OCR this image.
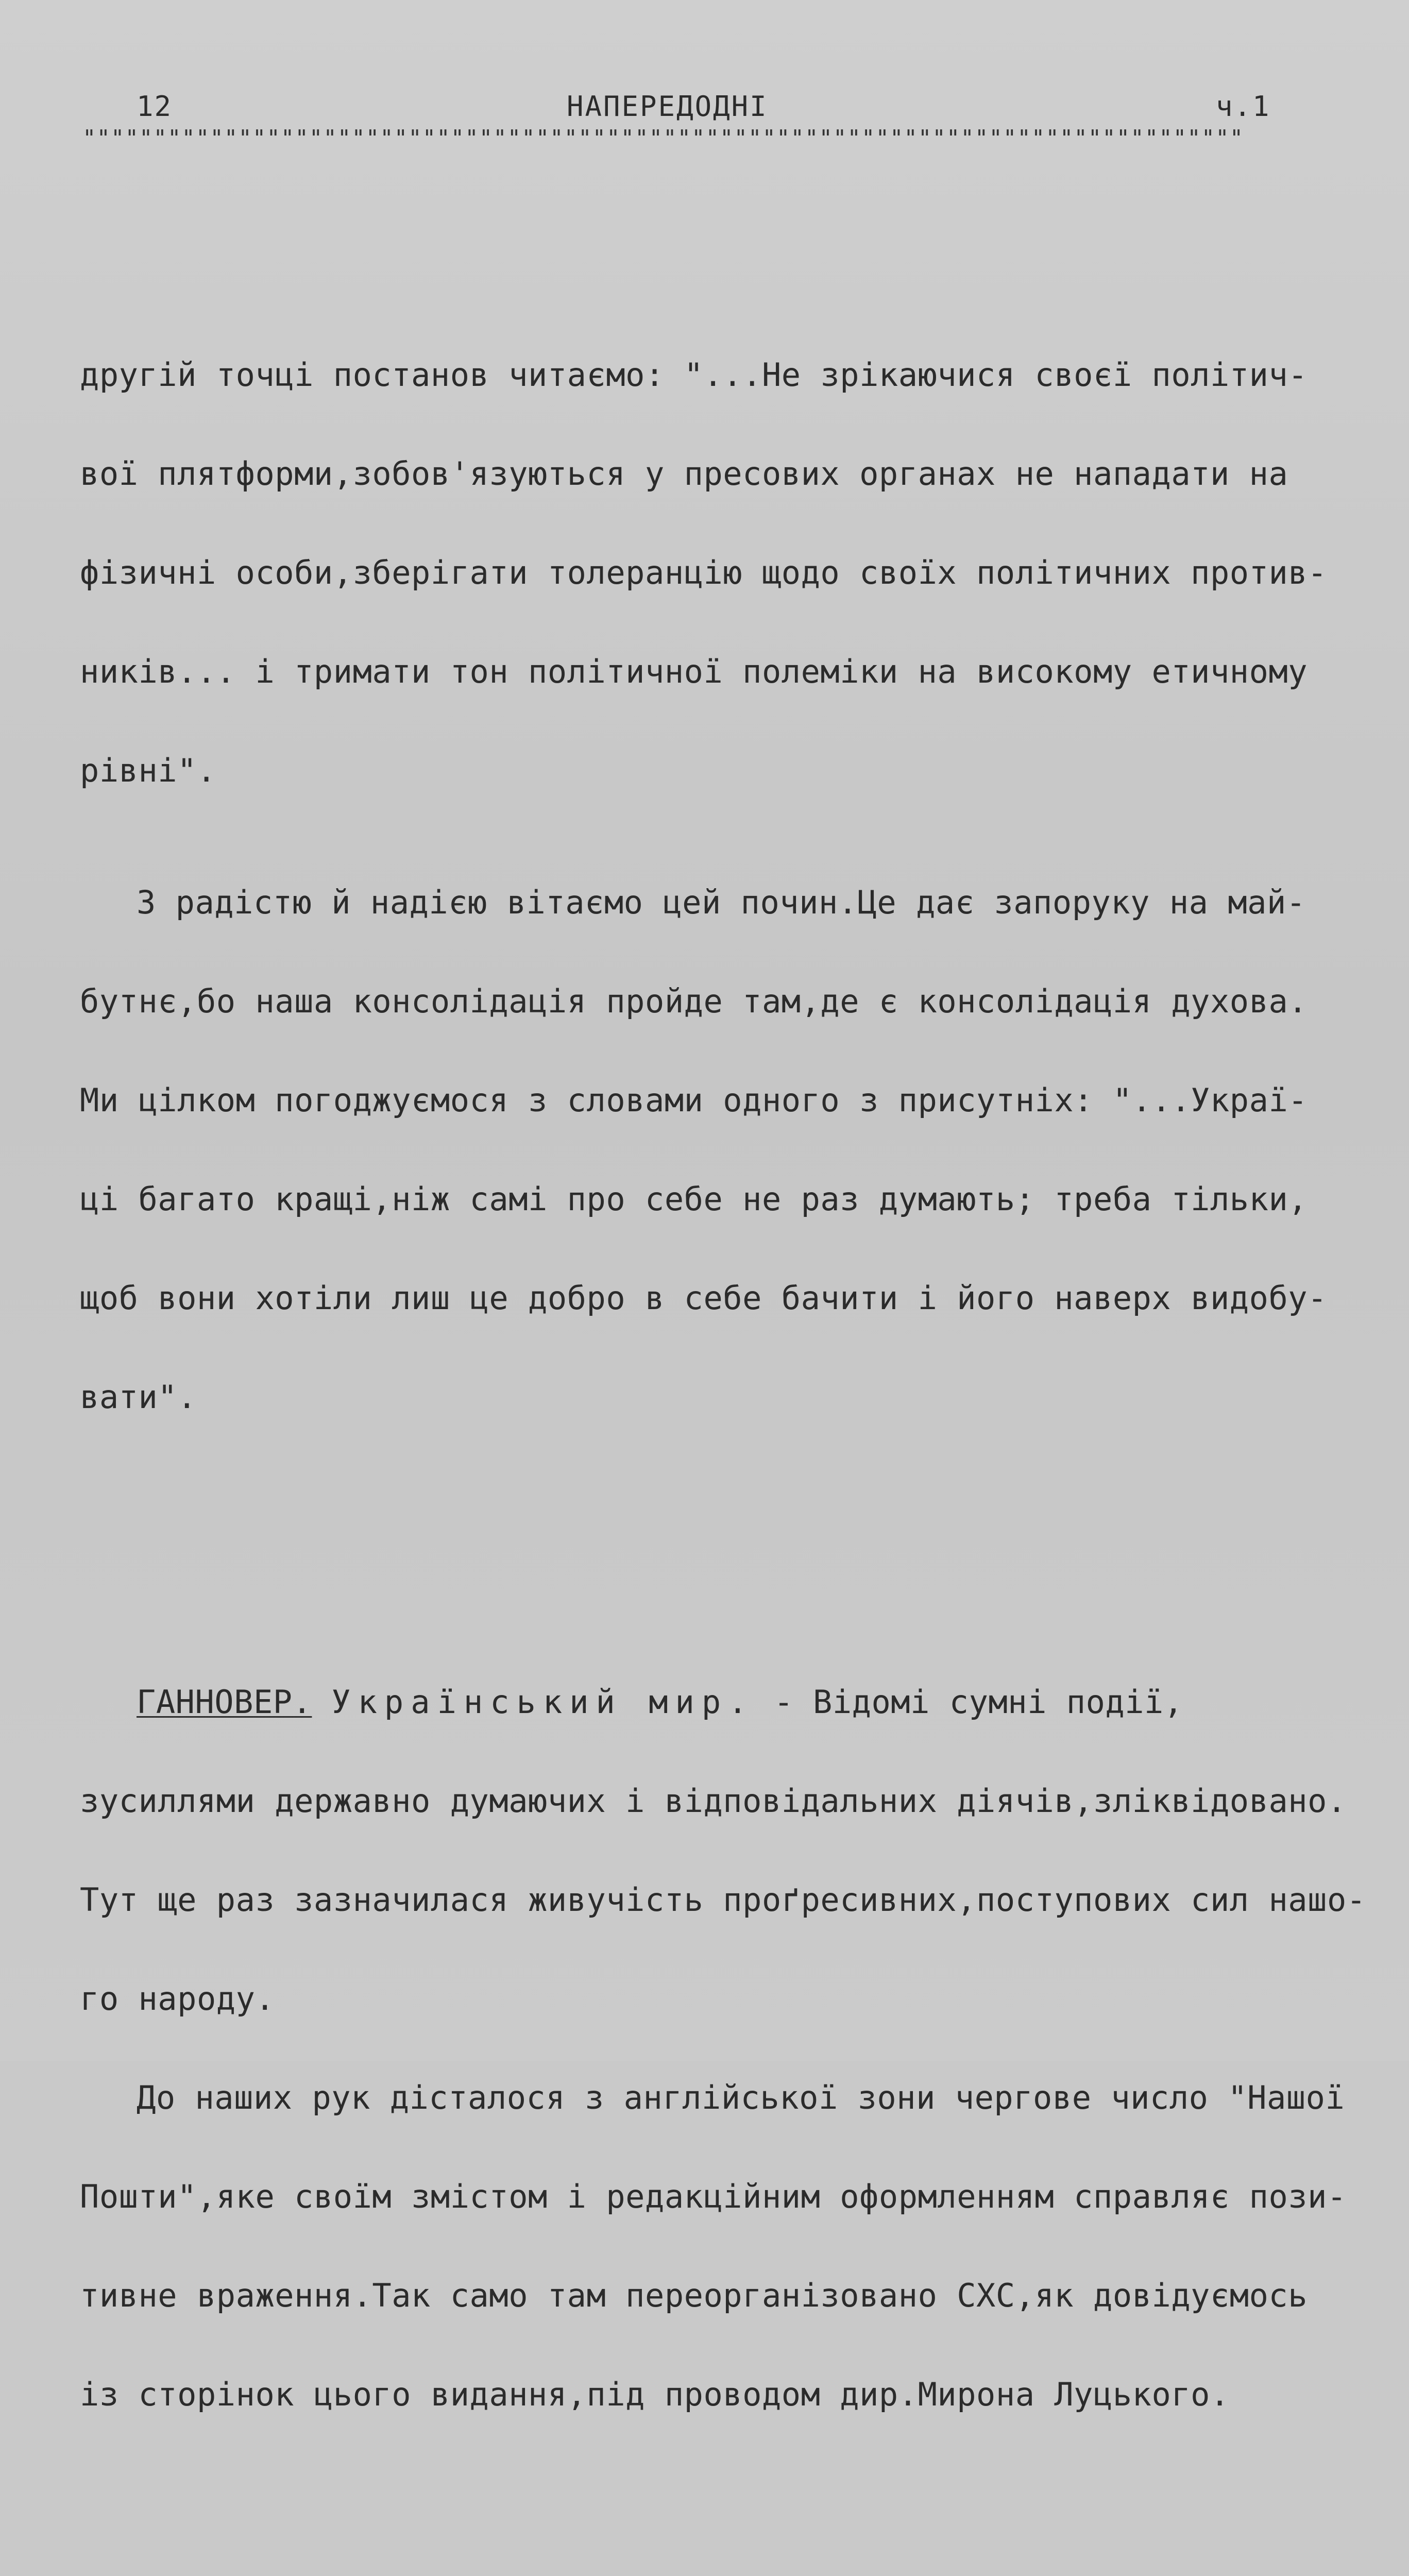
12	НАПЕРЕДОДНІ	ч.1
""""""""""""""""""""""""""""""""""""""""""""""""""""""""""""""""""""""""""""""""""

другій точці постанов читаємо: "...Не зрікаючися своєї політич-

вої плятформи,зобов'язуються у пресових органах не нападати на

фізичні особи,зберігати толеранцію щодо своїх політичних против-

ників... і тримати тон політичної полеміки на високому етичному

рівні".

З радістю й надією вітаємо цей почин.Це дає запоруку на май-

бутнє,бо наша консолідація пройде там,де є консолідація духова.

Ми цілком погоджуємося з словами одного з присутніх: "...Украї-

ці багато кращі,ніж самі про себе не раз думають; треба тільки,

щоб вони хотіли лиш це добро в себе бачити і його наверх видобу-

вати".

ГАННОВЕР. Український мир. - Відомі сумні події,

зусиллями державно думаючих і відповідальних діячів,зліквідовано.

Тут ще раз зазначилася живучість проґресивних,поступових сил нашо-

го народу.

До наших рук дісталося з англійської зони чергове число "Нашої

Пошти",яке своїм змістом і редакційним оформленням справляє пози-

тивне враження.Так само там переорганізовано СХС,як довідуємось

із сторінок цього видання,під проводом дир.Мирона Луцького.
